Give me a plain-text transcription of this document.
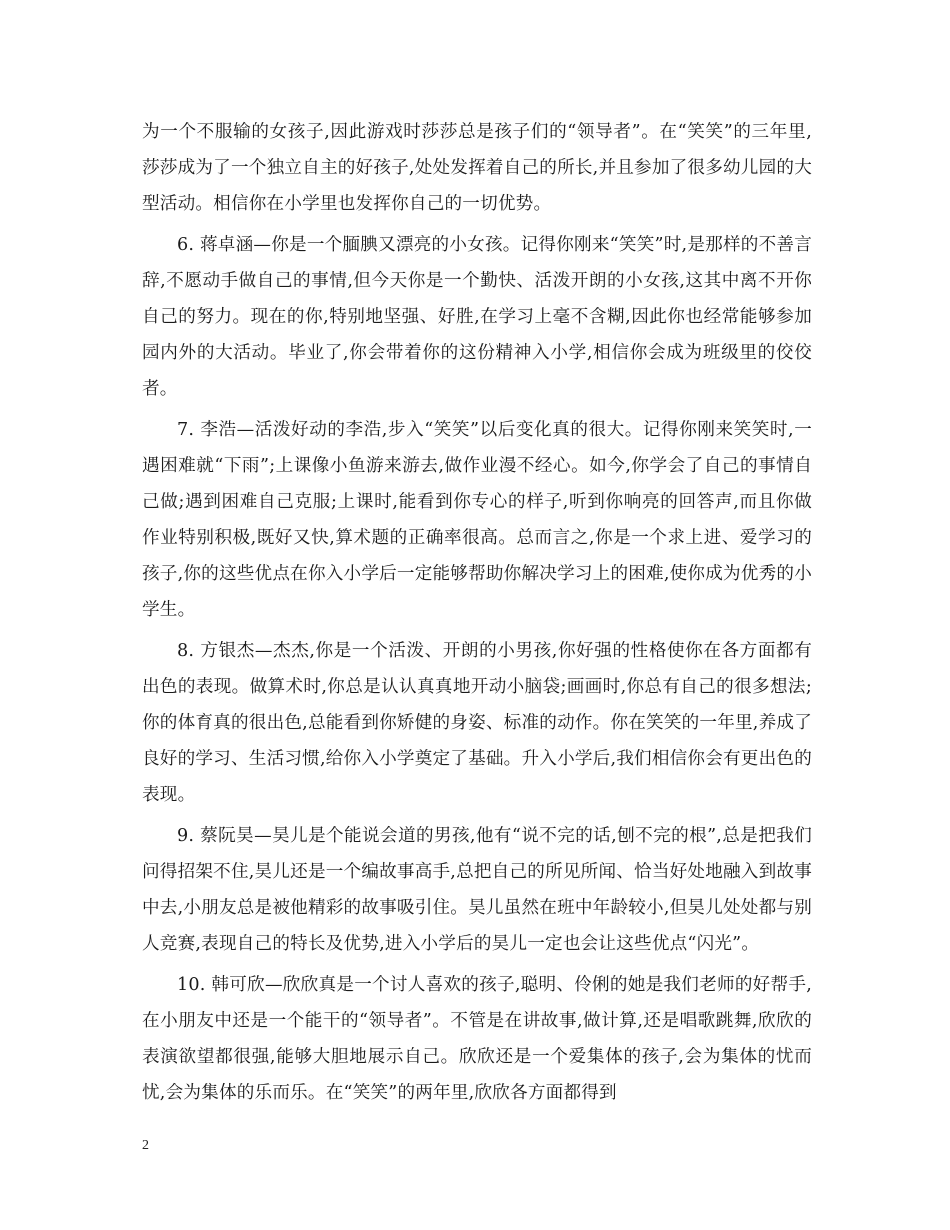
为一个不服输的女孩子,因此游戏时莎莎总是孩子们的“领导者”。在“笑笑”的三年里,莎莎成为了一个独立自主的好孩子,处处发挥着自己的所长,并且参加了很多幼儿园的大型活动。相信你在小学里也发挥你自己的一切优势。

6. 蒋卓涵—你是一个腼腆又漂亮的小女孩。记得你刚来“笑笑”时,是那样的不善言辞,不愿动手做自己的事情,但今天你是一个勤快、活泼开朗的小女孩,这其中离不开你自己的努力。现在的你,特别地坚强、好胜,在学习上毫不含糊,因此你也经常能够参加园内外的大活动。毕业了,你会带着你的这份精神入小学,相信你会成为班级里的佼佼者。

7. 李浩—活泼好动的李浩,步入“笑笑”以后变化真的很大。记得你刚来笑笑时,一遇困难就“下雨”;上课像小鱼游来游去,做作业漫不经心。如今,你学会了自己的事情自己做;遇到困难自己克服;上课时,能看到你专心的样子,听到你响亮的回答声,而且你做作业特别积极,既好又快,算术题的正确率很高。总而言之,你是一个求上进、爱学习的孩子,你的这些优点在你入小学后一定能够帮助你解决学习上的困难,使你成为优秀的小学生。

8. 方银杰—杰杰,你是一个活泼、开朗的小男孩,你好强的性格使你在各方面都有出色的表现。做算术时,你总是认认真真地开动小脑袋;画画时,你总有自己的很多想法;你的体育真的很出色,总能看到你矫健的身姿、标准的动作。你在笑笑的一年里,养成了良好的学习、生活习惯,给你入小学奠定了基础。升入小学后,我们相信你会有更出色的表现。

9. 蔡阮昊—昊儿是个能说会道的男孩,他有“说不完的话,刨不完的根”,总是把我们问得招架不住,昊儿还是一个编故事高手,总把自己的所见所闻、恰当好处地融入到故事中去,小朋友总是被他精彩的故事吸引住。昊儿虽然在班中年龄较小,但昊儿处处都与别人竞赛,表现自己的特长及优势,进入小学后的昊儿一定也会让这些优点“闪光”。

10. 韩可欣—欣欣真是一个讨人喜欢的孩子,聪明、伶俐的她是我们老师的好帮手,在小朋友中还是一个能干的“领导者”。不管是在讲故事,做计算,还是唱歌跳舞,欣欣的表演欲望都很强,能够大胆地展示自己。欣欣还是一个爱集体的孩子,会为集体的忧而忧,会为集体的乐而乐。在“笑笑”的两年里,欣欣各方面都得到

2
